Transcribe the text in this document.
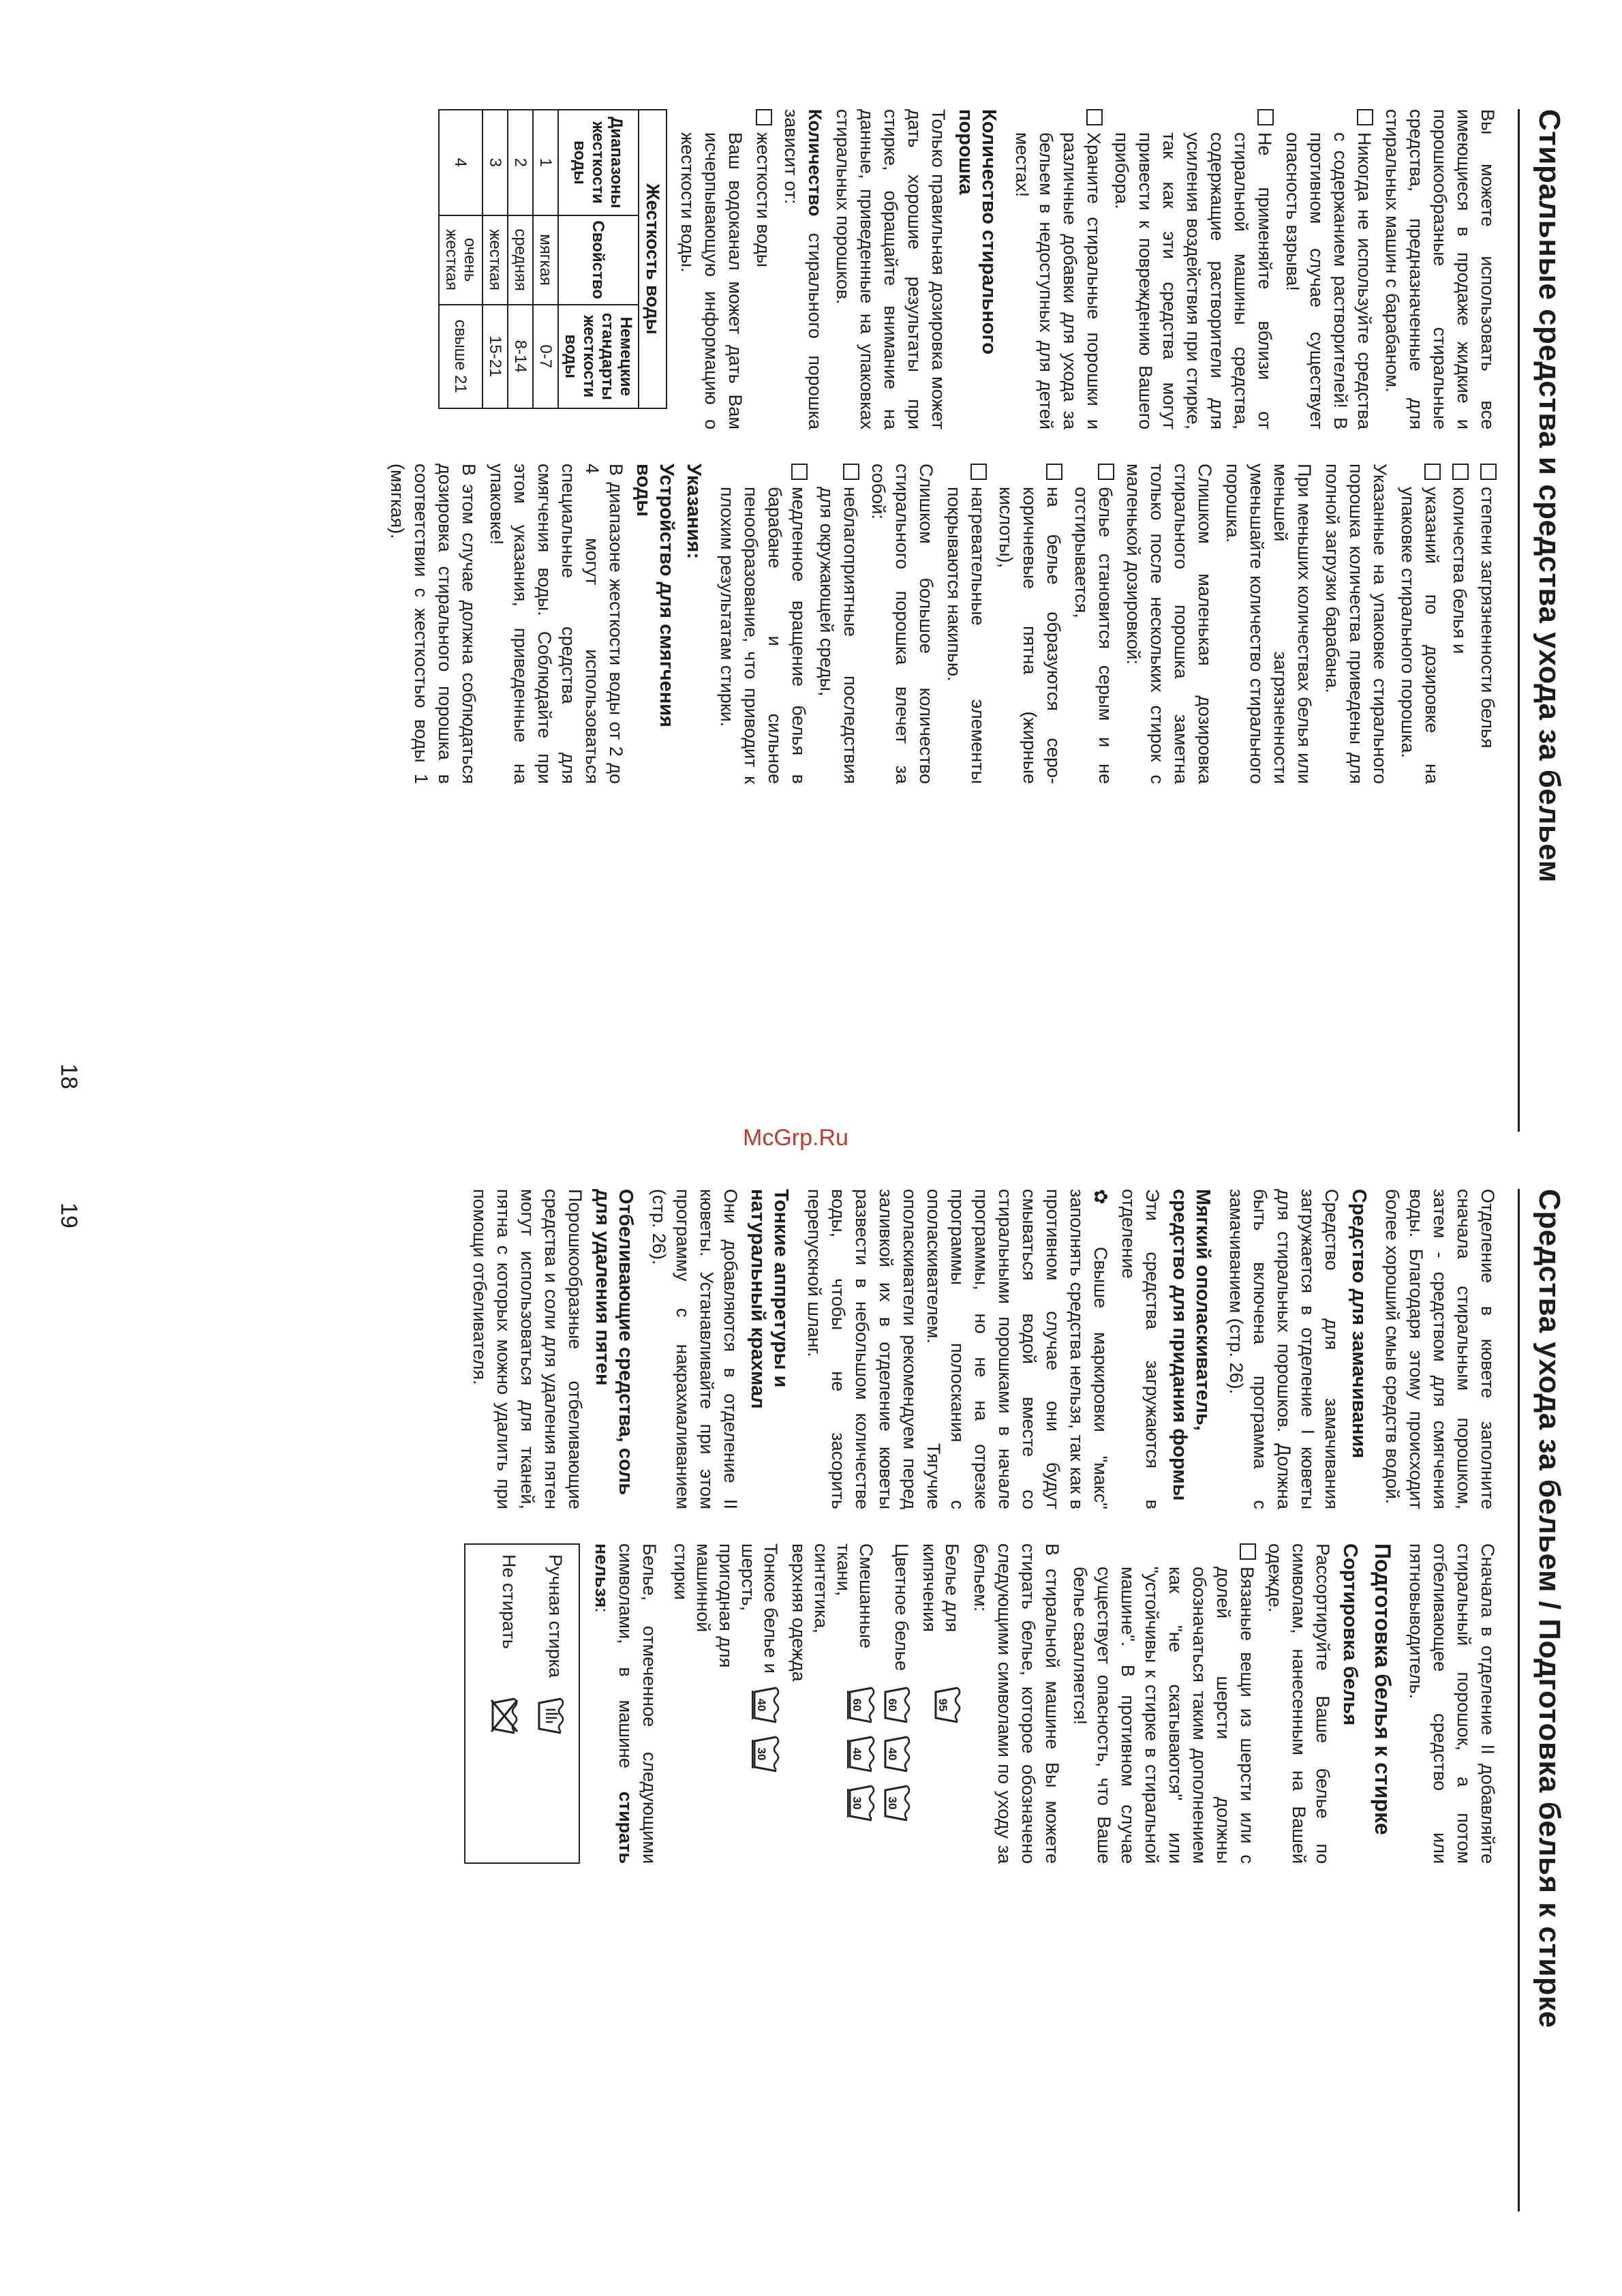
McGrp.Ru
Стиральные средства и средства ухода за бельем

Вы можете использовать все имеющиеся в продаже жидкие и порошкообразные стиральные средства, предназначенные для стиральных машин с барабаном.

Никогда не используйте средства с содержанием растворителей! В противном случае существует опасность взрыва!
Не применяйте вблизи от стиральной машины средства, содержащие растворители для усиления воздействия при стирке, так как эти средства могут привести к повреждению Вашего прибора.
Храните стиральные порошки и различные добавки для ухода за бельем в недоступных для детей местах!
Количество стирального порошка

Только правильная дозировка может дать хорошие результаты при стирке, обращайте внимание на данные, приведенные на упаковках стиральных порошков.

Количество стирального порошка зависит от:

жесткости воды

Ваш водоканал может дать Вам исчерпывающую информацию о жесткости воды.

Жесткость воды
Диапазоны жесткости воды	Свойство	Немецкие стандарты жесткости воды
1	мягкая	0-7
2	средняя	8-14
3	жесткая	15-21
4	очень жесткая	свыше 21
степени загрязненности белья
количества белья и
указаний по дозировке на упаковке стирального порошка.

Указанные на упаковке стирального порошка количества приведены для полной загрузки барабана.

При меньших количествах белья или меньшей загрязненности уменьшайте количество стирального порошка.

Слишком маленькая дозировка стирального порошка заметна только после нескольких стирок с маленькой дозировкой:

белье становится серым и не отстирывается,
на белье образуются серо-коричневые пятна (жирные кислоты),
нагревательные элементы покрываются накипью.

Слишком большое количество стирального порошка влечет за собой:

неблагоприятные последствия для окружающей среды,
медленное вращение белья в барабане и сильное пенообразование, что приводит к плохим результатам стирки.
Указания:
Устройство для смягчения воды

В диапазоне жесткости воды от 2 до 4 могут использоваться специальные средства для смягчения воды. Соблюдайте при этом указания, приведенные на упаковке!

В этом случае должна соблюдаться дозировка стирального порошка в соответствии с жесткостью воды 1 (мягкая).

18
Средства ухода за бельем / Подготовка белья к стирке

Отделение в кювете заполните сначала стиральным порошком, затем - средством для смягчения воды. Благодаря этому происходит более хороший смыв средств водой.

Средство для замачивания

Средство для замачивания загружается в отделение I кюветы для стиральных порошков. Должна быть включена программа с замачиванием (стр. 26).

Мягкий ополаскиватель, средство для придания формы

Эти средства загружаются в отделение

✿ Свыше маркировки "макс" заполнять средства нельзя, так как в противном случае они будут смываться водой вместе со стиральными порошками в начале программы, но не на отрезке программы полоскания с ополаскивателем. Тягучие ополаскиватели рекомендуем перед заливкой их в отделение кюветы развести в небольшом количестве воды, чтобы не засорить перепускной шланг.

Тонкие аппретуры и натуральный крахмал

Они добавляются в отделение II кюветы. Устанавливайте при этом программу с накрахмаливанием (стр. 26).

Отбеливающие средства, соль для удаления пятен

Порошкообразные отбеливающие средства и соли для удаления пятен могут использоваться для тканей, пятна с которых можно удалить при помощи отбеливателя.

Сначала в отделение II добавляйте стиральный порошок, а потом отбеливающее средство или пятновыводитель.

Подготовка белья к стирке
Сортировка белья

Рассортируйте Ваше белье по символам, нанесенным на Вашей одежде.

Вязаные вещи из шерсти или с долей шерсти должны обозначаться таким дополнением как "не скатываются" или "устойчивы к стирке в стиральной машине". В противном случае существует опасность, что Ваше белье свалляется!

В стиральной машине Вы можете стирать белье, которое обозначено следующими символами по уходу за бельем:

Белье для кипячения
95
Цветное белье
60
40
30
Смешанные ткани, синтетика, верхняя одежда
60
40
30
Тонкое белье и шерсть, пригодная для машинной стирки
40
30

Белье, отмеченное следующими символами, в машине стирать нельзя:

Ручная стирка
Не стирать
19
